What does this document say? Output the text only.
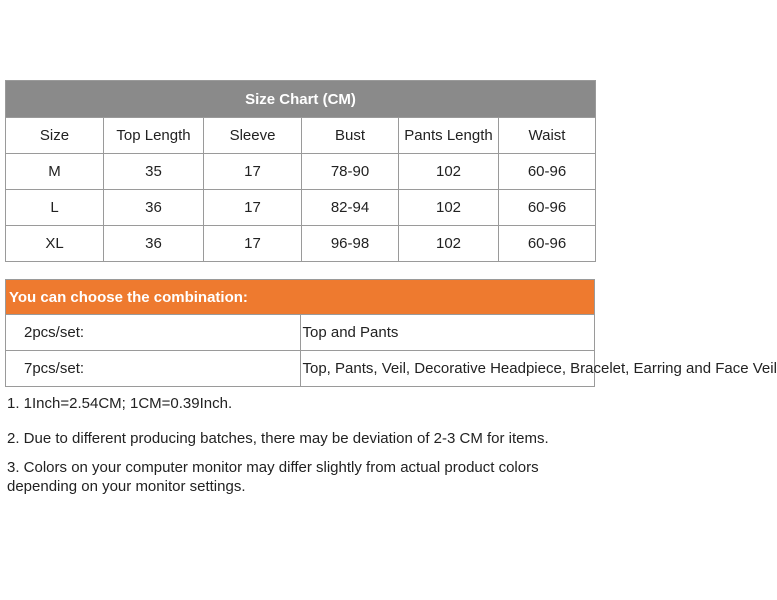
Size Chart (CM)					
Size	Top Length	Sleeve	Bust	Pants Length	Waist
M	35	17	78-90	102	60-96
L	36	17	82-94	102	60-96
XL	36	17	96-98	102	60-96
You can choose the combination:	
2pcs/set:	Top and Pants
7pcs/set:	Top, Pants, Veil, Decorative Headpiece, Bracelet, Earring and Face Veil
1. 1Inch=2.54CM; 1CM=0.39Inch.
2. Due to different producing batches, there may be deviation of 2-3 CM for items.
3. Colors on your computer monitor may differ slightly from actual product colors depending on your monitor settings.
